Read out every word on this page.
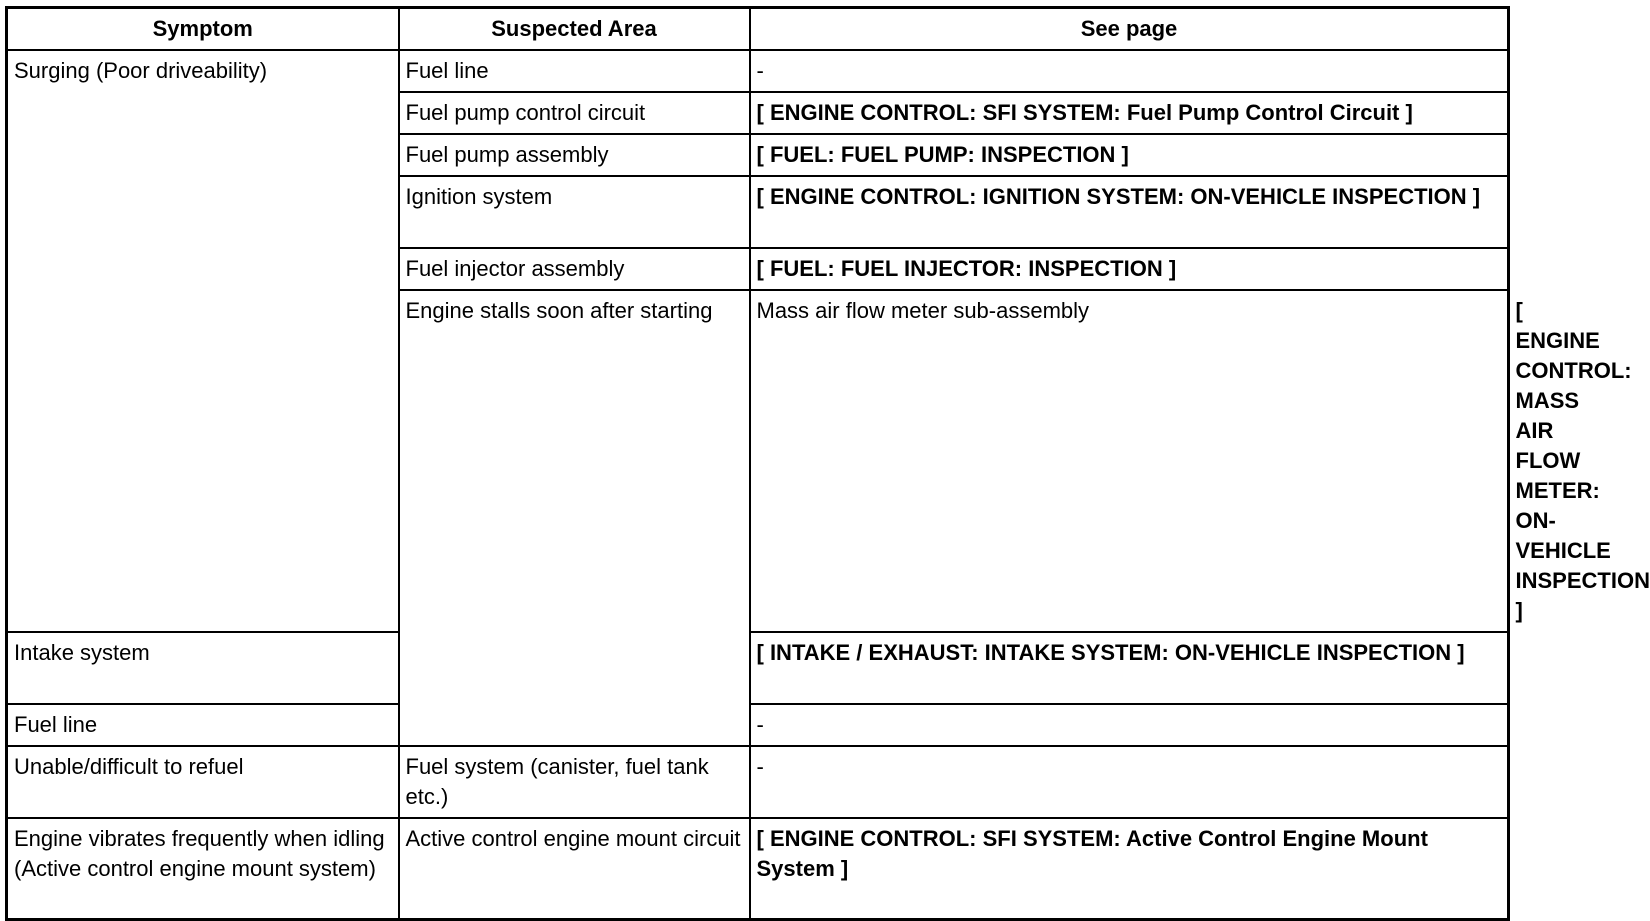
Symptom	Suspected Area	See page	
Surging (Poor driveability)	Fuel line	-	
	Fuel pump control circuit	[ ENGINE CONTROL: SFI SYSTEM: Fuel Pump Control Circuit ]	
	Fuel pump assembly	[ FUEL: FUEL PUMP: INSPECTION ]	
	Ignition system	[ ENGINE CONTROL: IGNITION SYSTEM: ON-VEHICLE INSPECTION ]	
	Fuel injector assembly	[ FUEL: FUEL INJECTOR: INSPECTION ]	
	Engine stalls soon after starting	Mass air flow meter sub-assembly	[ ENGINE CONTROL: MASS AIR FLOW METER: ON-VEHICLE INSPECTION ]
Intake system		[ INTAKE / EXHAUST: INTAKE SYSTEM: ON-VEHICLE INSPECTION ]	
Fuel line		-	
Unable/difficult to refuel	Fuel system (canister, fuel tank etc.)	-	
Engine vibrates frequently when idling (Active control engine mount system)	Active control engine mount circuit	[ ENGINE CONTROL: SFI SYSTEM: Active Control Engine Mount System ]	
